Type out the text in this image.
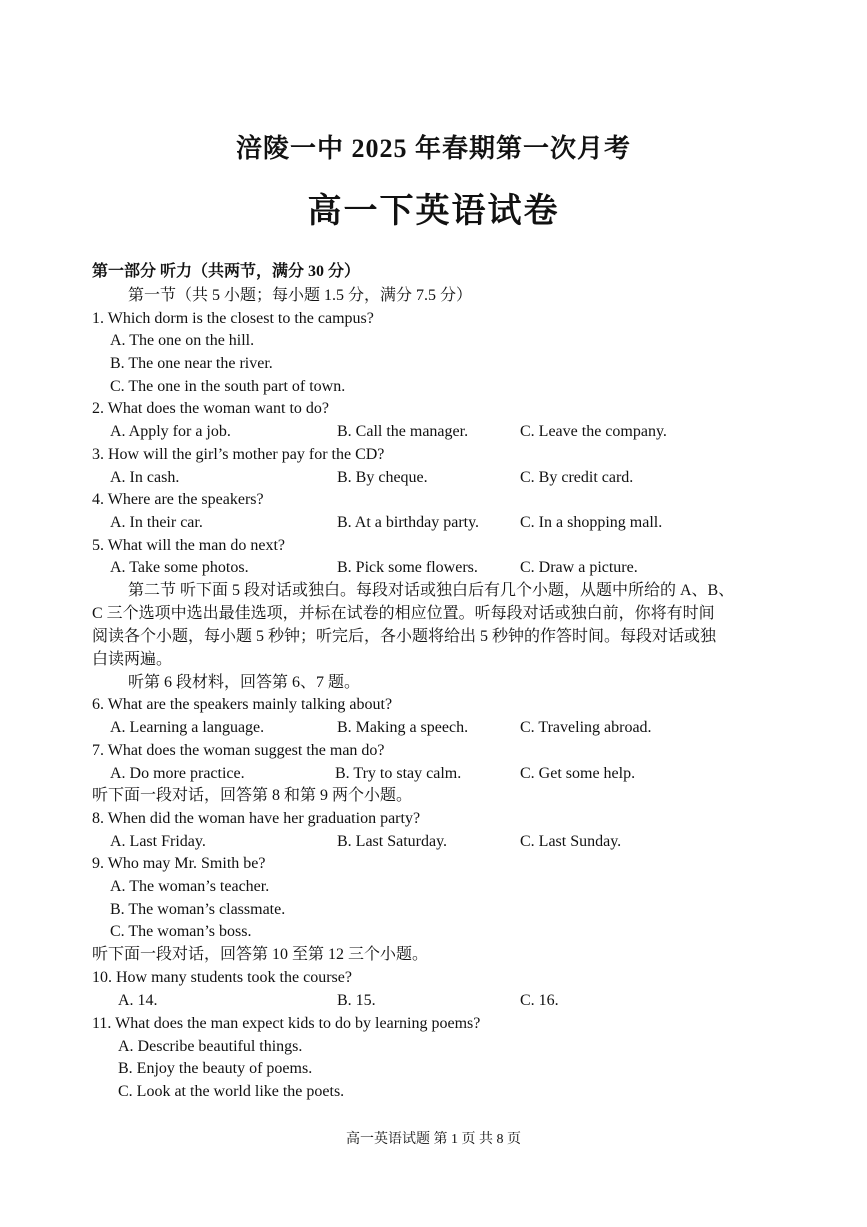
涪陵一中 2025 年春期第一次月考
高一下英语试卷
第一部分 听力（共两节，满分 30 分）
第一节（共 5 小题；每小题 1.5 分，满分 7.5 分）
1. Which dorm is the closest to the campus?
A. The one on the hill.
B. The one near the river.
C. The one in the south part of town.
2. What does the woman want to do?
A. Apply for a job.	B. Call the manager.	C. Leave the company.
3. How will the girl’s mother pay for the CD?
A. In cash.	B. By cheque.	C. By credit card.
4. Where are the speakers?
A. In their car.	B. At a birthday party.	C. In a shopping mall.
5. What will the man do next?
A. Take some photos.	B. Pick some flowers.	C. Draw a picture.
第二节 听下面 5 段对话或独白。每段对话或独白后有几个小题，从题中所给的 A、B、
C 三个选项中选出最佳选项，并标在试卷的相应位置。听每段对话或独白前，你将有时间
阅读各个小题，每小题 5 秒钟；听完后，各小题将给出 5 秒钟的作答时间。每段对话或独
白读两遍。
听第 6 段材料，回答第 6、7 题。
6. What are the speakers mainly talking about?
A. Learning a language.	B. Making a speech.	C. Traveling abroad.
7. What does the woman suggest the man do?
A. Do more practice.	B. Try to stay calm.	C. Get some help.
听下面一段对话，回答第 8 和第 9 两个小题。
8. When did the woman have her graduation party?
A. Last Friday.	B. Last Saturday.	C. Last Sunday.
9. Who may Mr. Smith be?
A. The woman’s teacher.
B. The woman’s classmate.
C. The woman’s boss.
听下面一段对话，回答第 10 至第 12 三个小题。
10. How many students took the course?
A. 14.	B. 15.	C. 16.
11. What does the man expect kids to do by learning poems?
A. Describe beautiful things.
B. Enjoy the beauty of poems.
C. Look at the world like the poets.
高一英语试题 第 1 页 共 8 页
